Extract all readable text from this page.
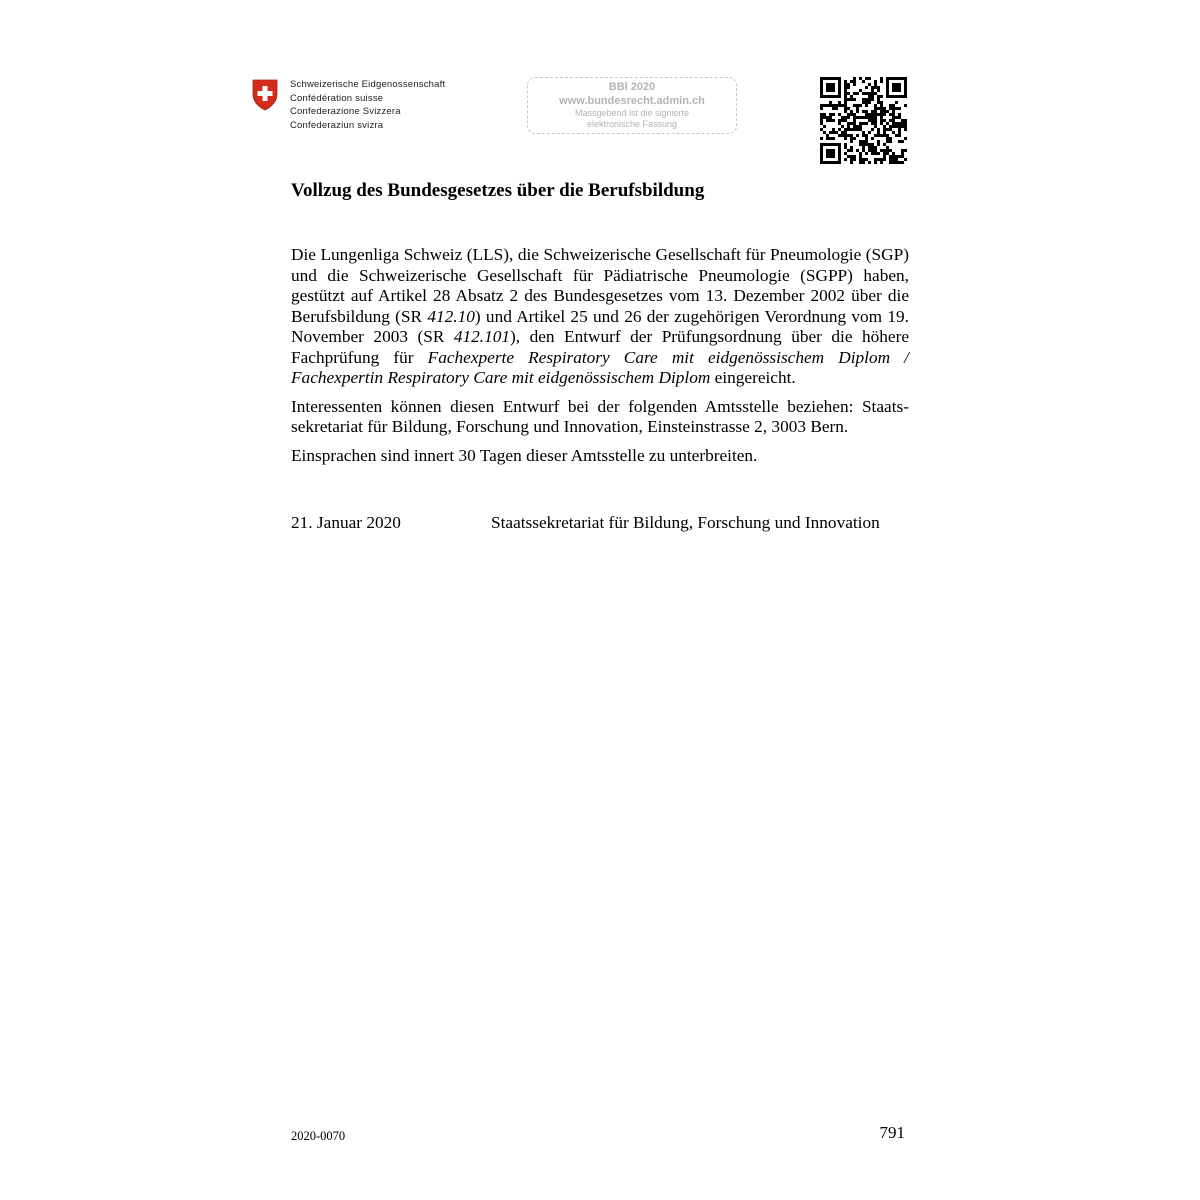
Schweizerische Eidgenossenschaft
Confédération suisse
Confederazione Svizzera
Confederaziun svizra
BBl 2020
www.bundesrecht.admin.ch
Massgebend ist die signierte
elektronische Fassung
Vollzug des Bundesgesetzes über die Berufsbildung

Die Lungenliga Schweiz (LLS), die Schweizerische Gesellschaft für Pneumologie (SGP) und die Schweizerische Gesellschaft für Pädiatrische Pneumologie (SGPP) haben, gestützt auf Artikel 28 Absatz 2 des Bundesgesetzes vom 13. Dezember 2002 über die Berufsbildung (SR 412.10) und Artikel 25 und 26 der zugehörigen Verordnung vom 19. November 2003 (SR 412.101), den Entwurf der Prüfungsordnung über die höhere Fachprüfung für Fachexperte Respiratory Care mit eidgenössischem Diplom / Fachexpertin Respiratory Care mit eidgenössischem Diplom eingereicht.

Interessenten können diesen Entwurf bei der folgenden Amtsstelle beziehen: Staatssekretariat für Bildung, Forschung und Innovation, Einsteinstrasse 2, 3003 Bern.

Einsprachen sind innert 30 Tagen dieser Amtsstelle zu unterbreiten.

21. Januar 2020	Staatssekretariat für Bildung, Forschung und Innovation
2020-0070	791
